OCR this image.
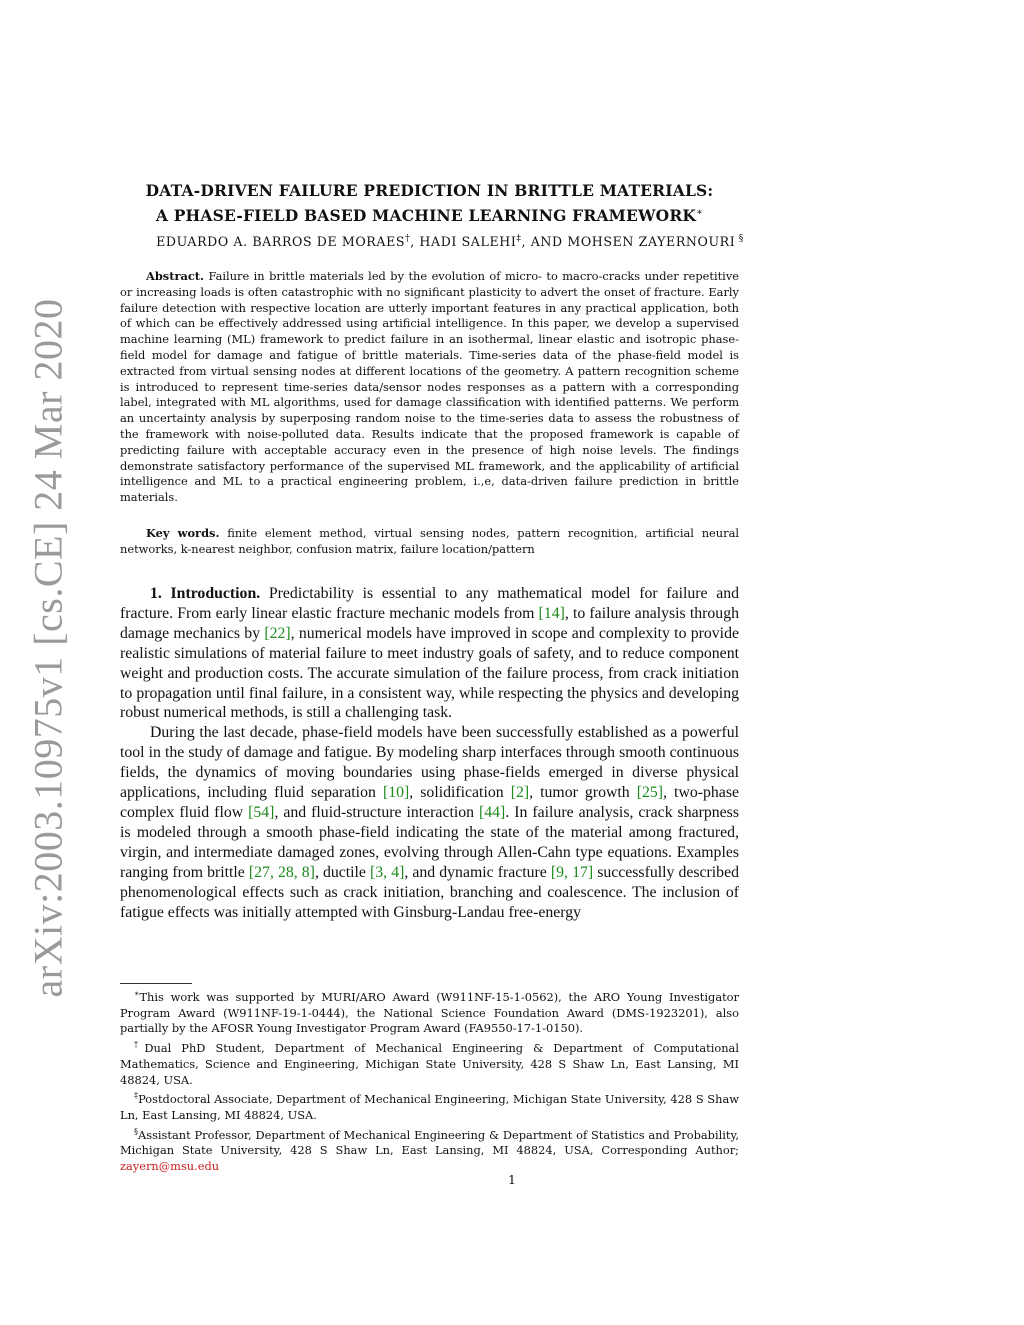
arXiv:2003.10975v1 [cs.CE] 24 Mar 2020
DATA-DRIVEN FAILURE PREDICTION IN BRITTLE MATERIALS:
A PHASE-FIELD BASED MACHINE LEARNING FRAMEWORK∗
EDUARDO A. BARROS DE MORAES†, HADI SALEHI‡, AND MOHSEN ZAYERNOURI §
Abstract. Failure in brittle materials led by the evolution of micro- to macro-cracks under repetitive or increasing loads is often catastrophic with no significant plasticity to advert the onset of fracture. Early failure detection with respective location are utterly important features in any practical application, both of which can be effectively addressed using artificial intelligence. In this paper, we develop a supervised machine learning (ML) framework to predict failure in an isothermal, linear elastic and isotropic phase-field model for damage and fatigue of brittle materials. Time-series data of the phase-field model is extracted from virtual sensing nodes at different locations of the geometry. A pattern recognition scheme is introduced to represent time-series data/sensor nodes responses as a pattern with a corresponding label, integrated with ML algorithms, used for damage classification with identified patterns. We perform an uncertainty analysis by superposing random noise to the time-series data to assess the robustness of the framework with noise-polluted data. Results indicate that the proposed framework is capable of predicting failure with acceptable accuracy even in the presence of high noise levels. The findings demonstrate satisfactory performance of the supervised ML framework, and the applicability of artificial intelligence and ML to a practical engineering problem, i.,e, data-driven failure prediction in brittle materials.
Key words. finite element method, virtual sensing nodes, pattern recognition, artificial neural networks, k-nearest neighbor, confusion matrix, failure location/pattern

1. Introduction. Predictability is essential to any mathematical model for failure and fracture. From early linear elastic fracture mechanic models from [14], to failure analysis through damage mechanics by [22], numerical models have improved in scope and complexity to provide realistic simulations of material failure to meet industry goals of safety, and to reduce component weight and production costs. The accurate simulation of the failure process, from crack initiation to propagation until final failure, in a consistent way, while respecting the physics and developing robust numerical methods, is still a challenging task.

During the last decade, phase-field models have been successfully established as a powerful tool in the study of damage and fatigue. By modeling sharp interfaces through smooth continuous fields, the dynamics of moving boundaries using phase-fields emerged in diverse physical applications, including fluid separation [10], solidification [2], tumor growth [25], two-phase complex fluid flow [54], and fluid-structure interaction [44]. In failure analysis, crack sharpness is modeled through a smooth phase-field indicating the state of the material among fractured, virgin, and intermediate damaged zones, evolving through Allen-Cahn type equations. Examples ranging from brittle [27, 28, 8], ductile [3, 4], and dynamic fracture [9, 17] successfully described phenomenological effects such as crack initiation, branching and coalescence. The inclusion of fatigue effects was initially attempted with Ginsburg-Landau free-energy

∗This work was supported by MURI/ARO Award (W911NF-15-1-0562), the ARO Young Investigator Program Award (W911NF-19-1-0444), the National Science Foundation Award (DMS-1923201), also partially by the AFOSR Young Investigator Program Award (FA9550-17-1-0150).

†Dual PhD Student, Department of Mechanical Engineering & Department of Computational Mathematics, Science and Engineering, Michigan State University, 428 S Shaw Ln, East Lansing, MI 48824, USA.

‡Postdoctoral Associate, Department of Mechanical Engineering, Michigan State University, 428 S Shaw Ln, East Lansing, MI 48824, USA.

§Assistant Professor, Department of Mechanical Engineering & Department of Statistics and Probability, Michigan State University, 428 S Shaw Ln, East Lansing, MI 48824, USA, Corresponding Author; zayern@msu.edu

1
